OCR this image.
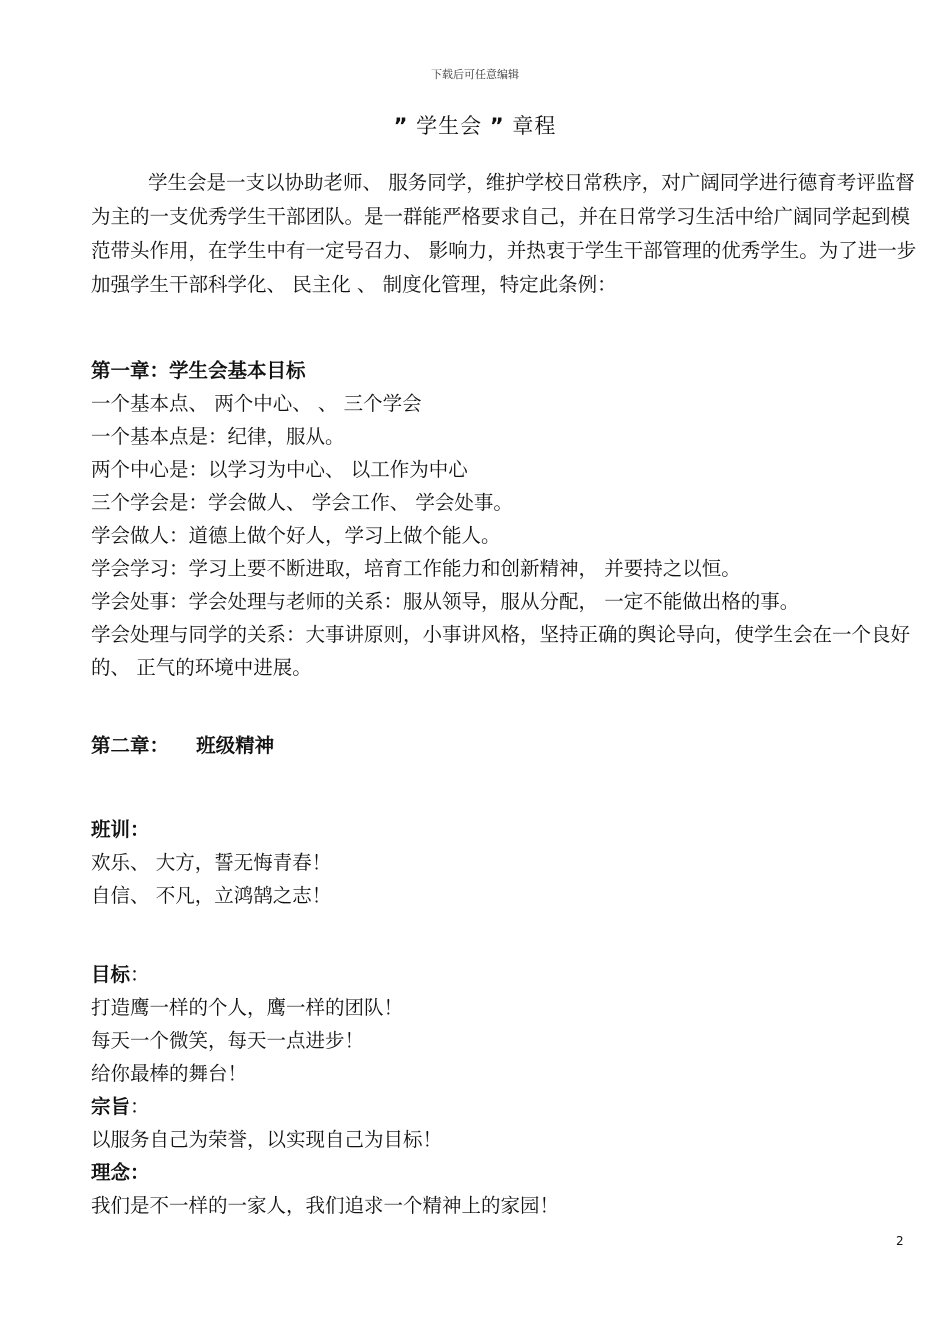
下载后可任意编辑
” 学生会 ” 章程

学生会是一支以协助老师、 服务同学，维护学校日常秩序，对广阔同学进行德育考评监督为主的一支优秀学生干部团队。是一群能严格要求自己，并在日常学习生活中给广阔同学起到模范带头作用，在学生中有一定号召力、 影响力，并热衷于学生干部管理的优秀学生。为了进一步加强学生干部科学化、 民主化 、 制度化管理，特定此条例：

第一章：学生会基本目标
一个基本点、 两个中心、 、 三个学会
一个基本点是：纪律，服从。
两个中心是：以学习为中心、 以工作为中心
三个学会是：学会做人、 学会工作、 学会处事。
学会做人：道德上做个好人，学习上做个能人。
学会学习：学习上要不断进取，培育工作能力和创新精神， 并要持之以恒。
学会处事：学会处理与老师的关系：服从领导，服从分配， 一定不能做出格的事。
学会处理与同学的关系：大事讲原则，小事讲风格，坚持正确的舆论导向，使学生会在一个良好的、 正气的环境中进展。
第二章：    班级精神
班训：
欢乐、 大方，誓无悔青春！
自信、 不凡，立鸿鹄之志！
目标：
打造鹰一样的个人，鹰一样的团队！
每天一个微笑，每天一点进步！
给你最棒的舞台！
宗旨：
以服务自己为荣誉，以实现自己为目标！
理念：
我们是不一样的一家人，我们追求一个精神上的家园！
2
